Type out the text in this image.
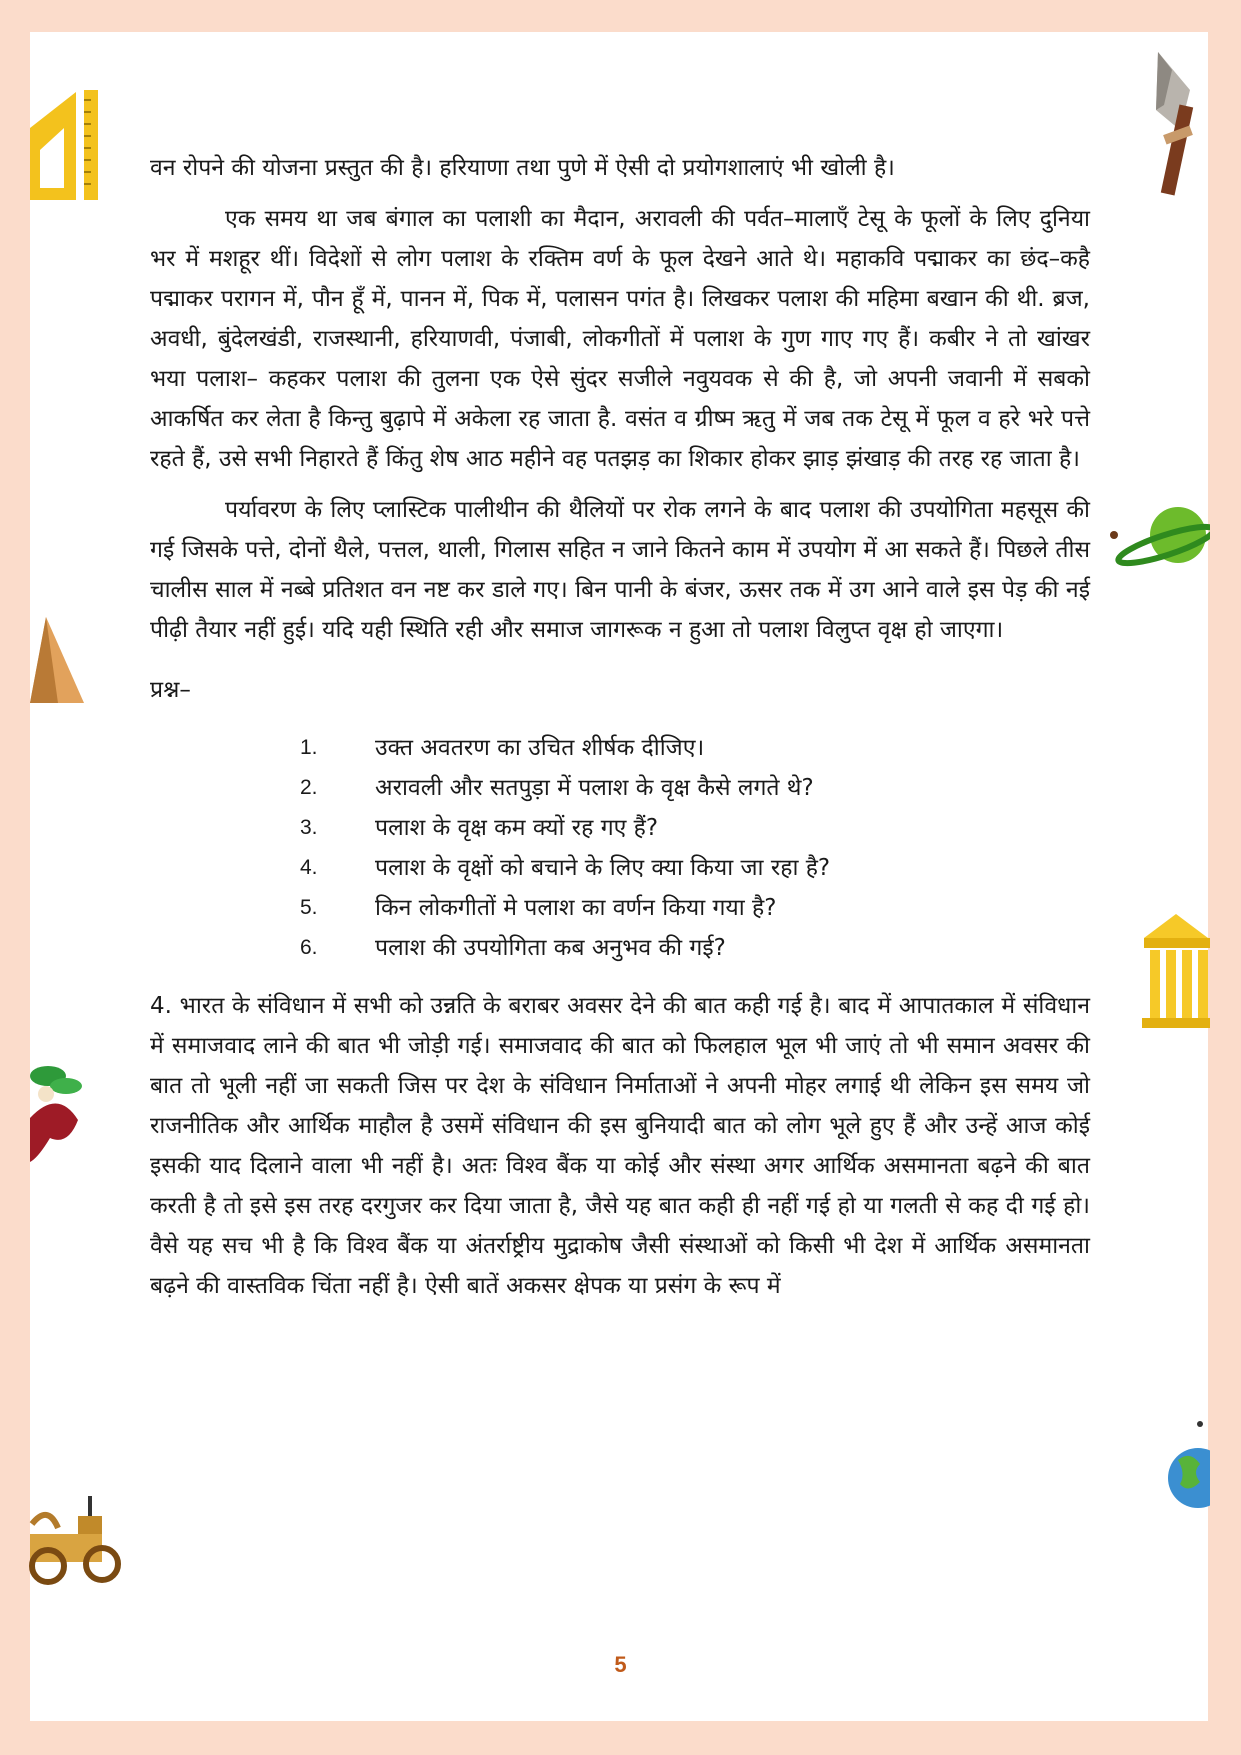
वन रोपने की योजना प्रस्तुत की है। हरियाणा तथा पुणे में ऐसी दो प्रयोगशालाएं भी खोली है।

एक समय था जब बंगाल का पलाशी का मैदान, अरावली की पर्वत–मालाएँ टेसू के फूलों के लिए दुनिया भर में मशहूर थीं। विदेशों से लोग पलाश के रक्तिम वर्ण के फूल देखने आते थे। महाकवि पद्माकर का छंद–कहै पद्माकर परागन में, पौन हूँ में, पानन में, पिक में, पलासन पगंत है। लिखकर पलाश की महिमा बखान की थी. ब्रज, अवधी, बुंदेलखंडी, राजस्थानी, हरियाणवी, पंजाबी, लोकगीतों में पलाश के गुण गाए गए हैं। कबीर ने तो खांखर भया पलाश– कहकर पलाश की तुलना एक ऐसे सुंदर सजीले नवुयवक से की है, जो अपनी जवानी में सबको आकर्षित कर लेता है किन्तु बुढ़ापे में अकेला रह जाता है. वसंत व ग्रीष्म ऋतु में जब तक टेसू में फूल व हरे भरे पत्ते रहते हैं, उसे सभी निहारते हैं किंतु शेष आठ महीने वह पतझड़ का शिकार होकर झाड़ झंखाड़ की तरह रह जाता है।

पर्यावरण के लिए प्लास्टिक पालीथीन की थैलियों पर रोक लगने के बाद पलाश की उपयोगिता महसूस की गई जिसके पत्ते, दोनों थैले, पत्तल, थाली, गिलास सहित न जाने कितने काम में उपयोग में आ सकते हैं। पिछले तीस चालीस साल में नब्बे प्रतिशत वन नष्ट कर डाले गए। बिन पानी के बंजर, ऊसर तक में उग आने वाले इस पेड़ की नई पीढ़ी तैयार नहीं हुई। यदि यही स्थिति रही और समाज जागरूक न हुआ तो पलाश विलुप्त वृक्ष हो जाएगा।

प्रश्न–

1.	उक्त अवतरण का उचित शीर्षक दीजिए।
2.	अरावली और सतपुड़ा में पलाश के वृक्ष कैसे लगते थे?
3.	पलाश के वृक्ष कम क्यों रह गए हैं?
4.	पलाश के वृक्षों को बचाने के लिए क्या किया जा रहा है?
5.	किन लोकगीतों मे पलाश का वर्णन किया गया है?
6.	पलाश की उपयोगिता कब अनुभव की गई?

4. भारत के संविधान में सभी को उन्नति के बराबर अवसर देने की बात कही गई है। बाद में आपातकाल में संविधान में समाजवाद लाने की बात भी जोड़ी गई। समाजवाद की बात को फिलहाल भूल भी जाएं तो भी समान अवसर की बात तो भूली नहीं जा सकती जिस पर देश के संविधान निर्माताओं ने अपनी मोहर लगाई थी लेकिन इस समय जो राजनीतिक और आर्थिक माहौल है उसमें संविधान की इस बुनियादी बात को लोग भूले हुए हैं और उन्हें आज कोई इसकी याद दिलाने वाला भी नहीं है। अतः विश्व बैंक या कोई और संस्था अगर आर्थिक असमानता बढ़ने की बात करती है तो इसे इस तरह दरगुजर कर दिया जाता है, जैसे यह बात कही ही नहीं गई हो या गलती से कह दी गई हो। वैसे यह सच भी है कि विश्व बैंक या अंतर्राष्ट्रीय मुद्राकोष जैसी संस्थाओं को किसी भी देश में आर्थिक असमानता बढ़ने की वास्तविक चिंता नहीं है। ऐसी बातें अकसर क्षेपक या प्रसंग के रूप में

5
